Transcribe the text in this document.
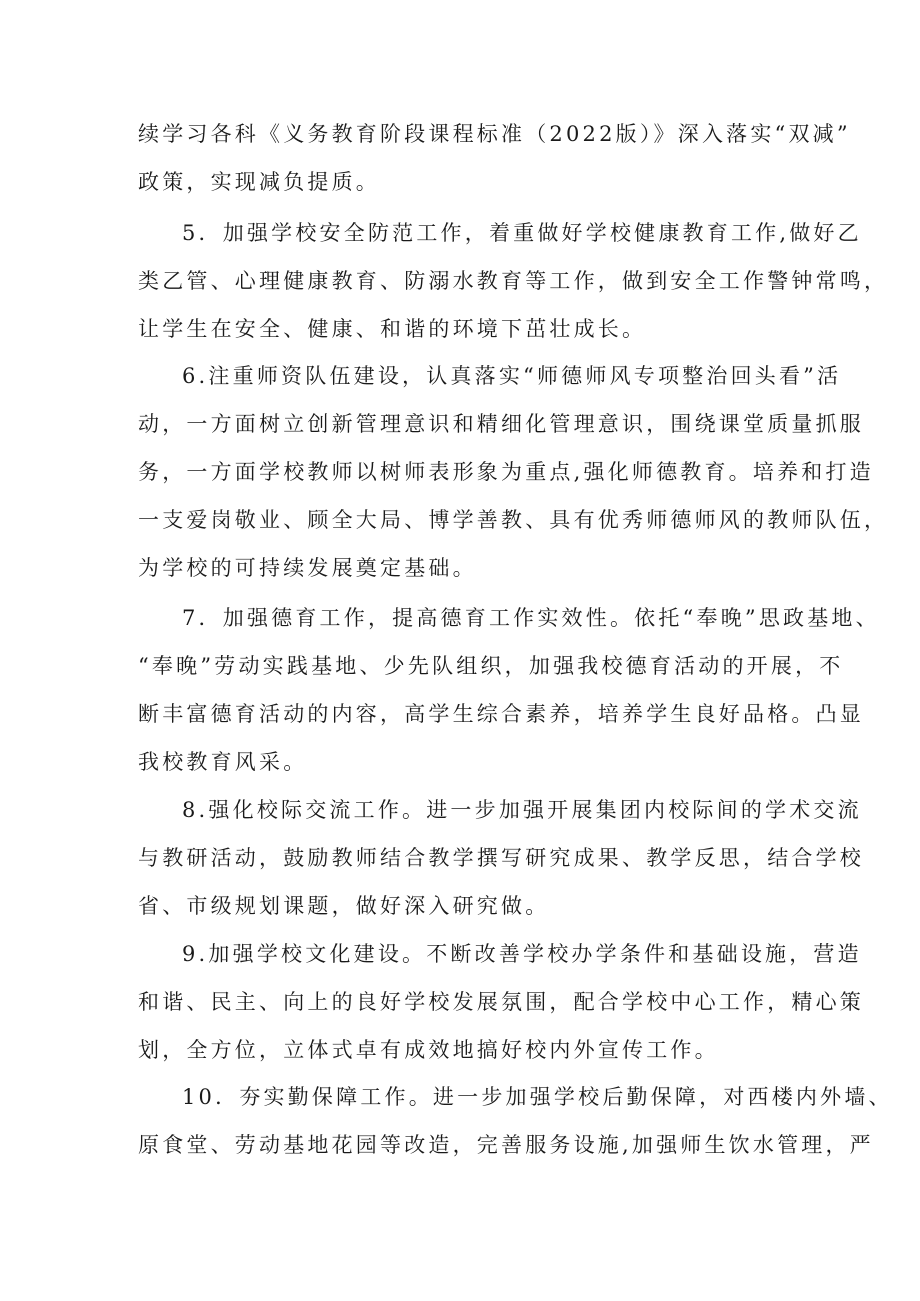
续学习各科《义务教育阶段课程标准（2022版）》深入落实“双减”
政策，实现减负提质。
5．加强学校安全防范工作，着重做好学校健康教育工作,做好乙
类乙管、心理健康教育、防溺水教育等工作，做到安全工作警钟常鸣，
让学生在安全、健康、和谐的环境下茁壮成长。
6.注重师资队伍建设，认真落实“师德师风专项整治回头看”活
动，一方面树立创新管理意识和精细化管理意识，围绕课堂质量抓服
务，一方面学校教师以树师表形象为重点,强化师德教育。培养和打造
一支爱岗敬业、顾全大局、博学善教、具有优秀师德师风的教师队伍，
为学校的可持续发展奠定基础。
7．加强德育工作，提高德育工作实效性。依托“奉晚”思政基地、
“奉晚”劳动实践基地、少先队组织，加强我校德育活动的开展，不
断丰富德育活动的内容，高学生综合素养，培养学生良好品格。凸显
我校教育风采。
8.强化校际交流工作。进一步加强开展集团内校际间的学术交流
与教研活动，鼓励教师结合教学撰写研究成果、教学反思，结合学校
省、市级规划课题，做好深入研究做。
9.加强学校文化建设。不断改善学校办学条件和基础设施，营造
和谐、民主、向上的良好学校发展氛围，配合学校中心工作，精心策
划，全方位，立体式卓有成效地搞好校内外宣传工作。
10．夯实勤保障工作。进一步加强学校后勤保障，对西楼内外墙、
原食堂、劳动基地花园等改造，完善服务设施,加强师生饮水管理，严
